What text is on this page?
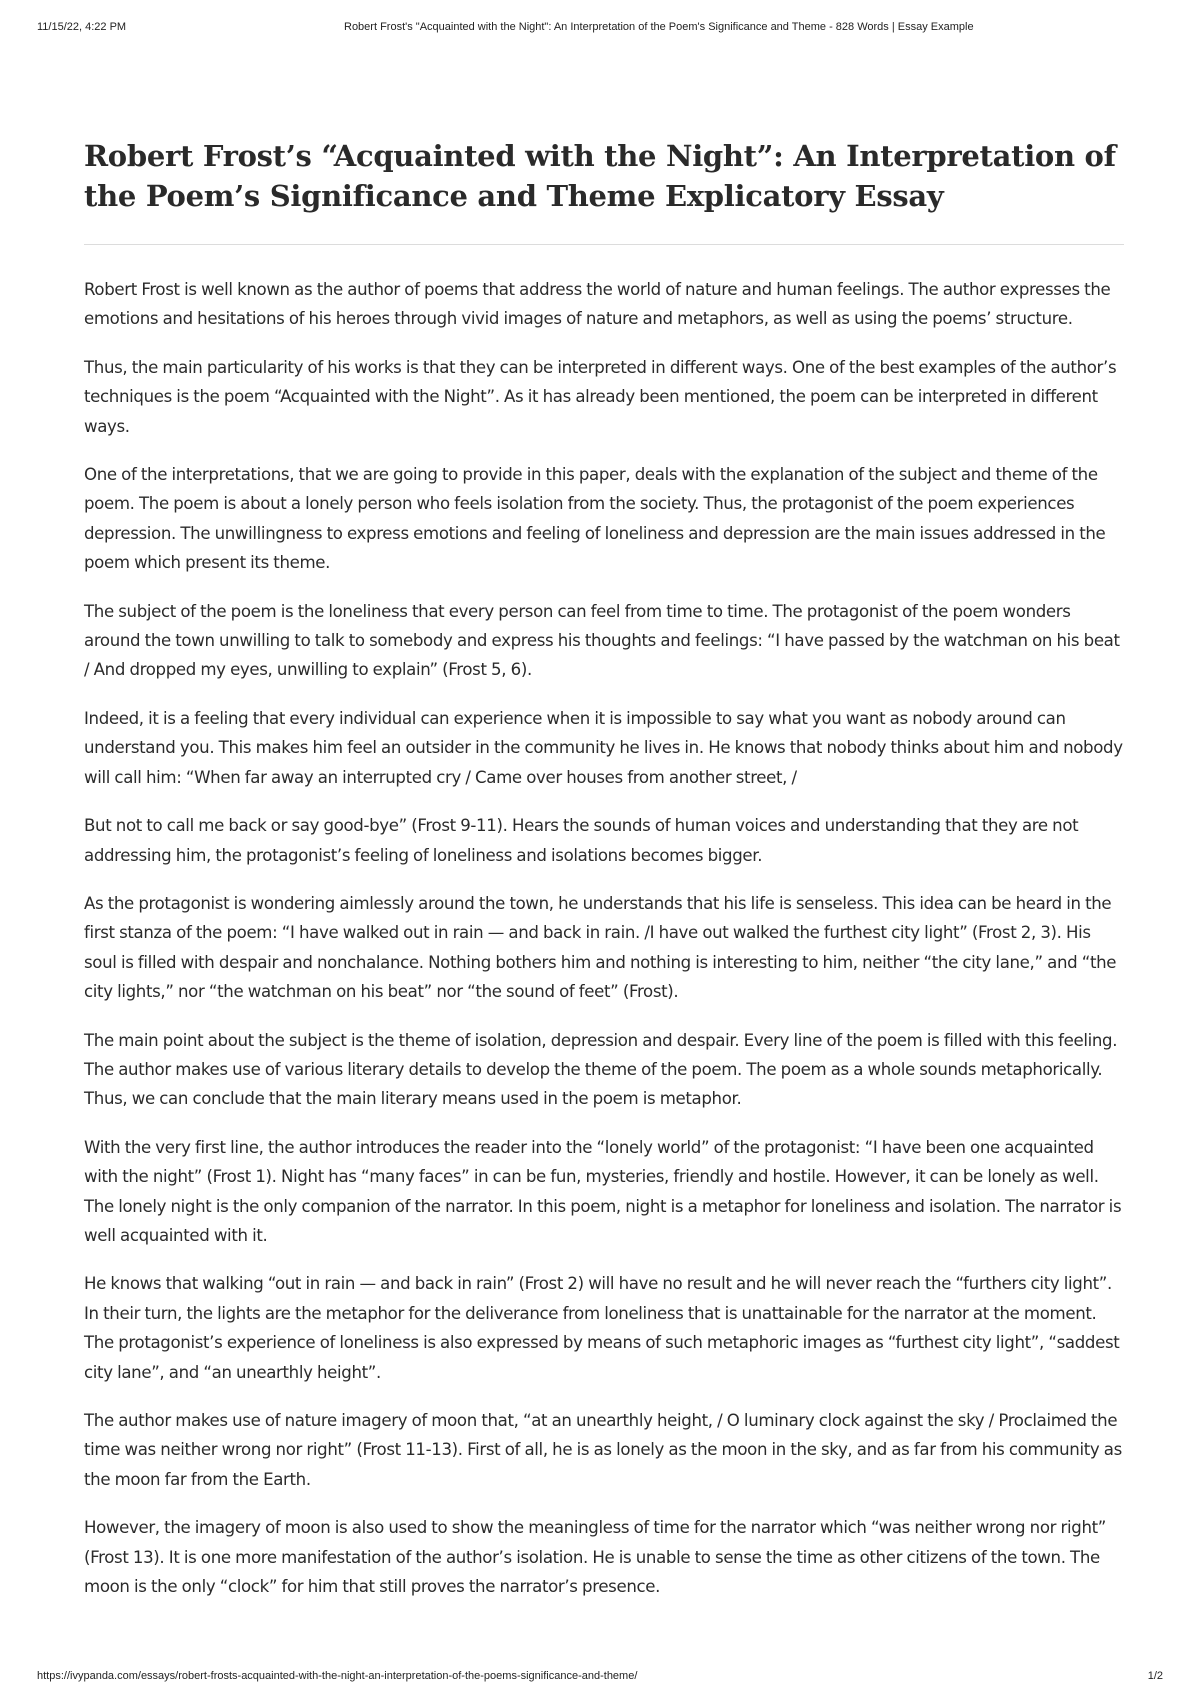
11/15/22, 4:22 PM	Robert Frost's "Acquainted with the Night": An Interpretation of the Poem's Significance and Theme - 828 Words | Essay Example
Robert Frost’s “Acquainted with the Night”: An Interpretation of the Poem’s Significance and Theme Explicatory Essay

Robert Frost is well known as the author of poems that address the world of nature and human feelings. The author expresses the emotions and hesitations of his heroes through vivid images of nature and metaphors, as well as using the poems’ structure.

Thus, the main particularity of his works is that they can be interpreted in different ways. One of the best examples of the author’s techniques is the poem “Acquainted with the Night”. As it has already been mentioned, the poem can be interpreted in different ways.

One of the interpretations, that we are going to provide in this paper, deals with the explanation of the subject and theme of the poem. The poem is about a lonely person who feels isolation from the society. Thus, the protagonist of the poem experiences depression. The unwillingness to express emotions and feeling of loneliness and depression are the main issues addressed in the poem which present its theme.

The subject of the poem is the loneliness that every person can feel from time to time. The protagonist of the poem wonders around the town unwilling to talk to somebody and express his thoughts and feelings: “I have passed by the watchman on his beat / And dropped my eyes, unwilling to explain” (Frost 5, 6).

Indeed, it is a feeling that every individual can experience when it is impossible to say what you want as nobody around can understand you. This makes him feel an outsider in the community he lives in. He knows that nobody thinks about him and nobody will call him: “When far away an interrupted cry / Came over houses from another street, /

But not to call me back or say good-bye” (Frost 9-11). Hears the sounds of human voices and understanding that they are not addressing him, the protagonist’s feeling of loneliness and isolations becomes bigger.

As the protagonist is wondering aimlessly around the town, he understands that his life is senseless. This idea can be heard in the first stanza of the poem: “I have walked out in rain — and back in rain. /I have out walked the furthest city light” (Frost 2, 3). His soul is filled with despair and nonchalance. Nothing bothers him and nothing is interesting to him, neither “the city lane,” and “the city lights,” nor “the watchman on his beat” nor “the sound of feet” (Frost).

The main point about the subject is the theme of isolation, depression and despair. Every line of the poem is filled with this feeling. The author makes use of various literary details to develop the theme of the poem. The poem as a whole sounds metaphorically. Thus, we can conclude that the main literary means used in the poem is metaphor.

With the very first line, the author introduces the reader into the “lonely world” of the protagonist: “I have been one acquainted with the night” (Frost 1). Night has “many faces” in can be fun, mysteries, friendly and hostile. However, it can be lonely as well. The lonely night is the only companion of the narrator. In this poem, night is a metaphor for loneliness and isolation. The narrator is well acquainted with it.

He knows that walking “out in rain — and back in rain” (Frost 2) will have no result and he will never reach the “furthers city light”. In their turn, the lights are the metaphor for the deliverance from loneliness that is unattainable for the narrator at the moment. The protagonist’s experience of loneliness is also expressed by means of such metaphoric images as “furthest city light”, “saddest city lane”, and “an unearthly height”.

The author makes use of nature imagery of moon that, “at an unearthly height, / O luminary clock against the sky / Proclaimed the time was neither wrong nor right” (Frost 11-13). First of all, he is as lonely as the moon in the sky, and as far from his community as the moon far from the Earth.

However, the imagery of moon is also used to show the meaningless of time for the narrator which “was neither wrong nor right” (Frost 13). It is one more manifestation of the author’s isolation. He is unable to sense the time as other citizens of the town. The moon is the only “clock” for him that still proves the narrator’s presence.

https://ivypanda.com/essays/robert-frosts-acquainted-with-the-night-an-interpretation-of-the-poems-significance-and-theme/	1/2
